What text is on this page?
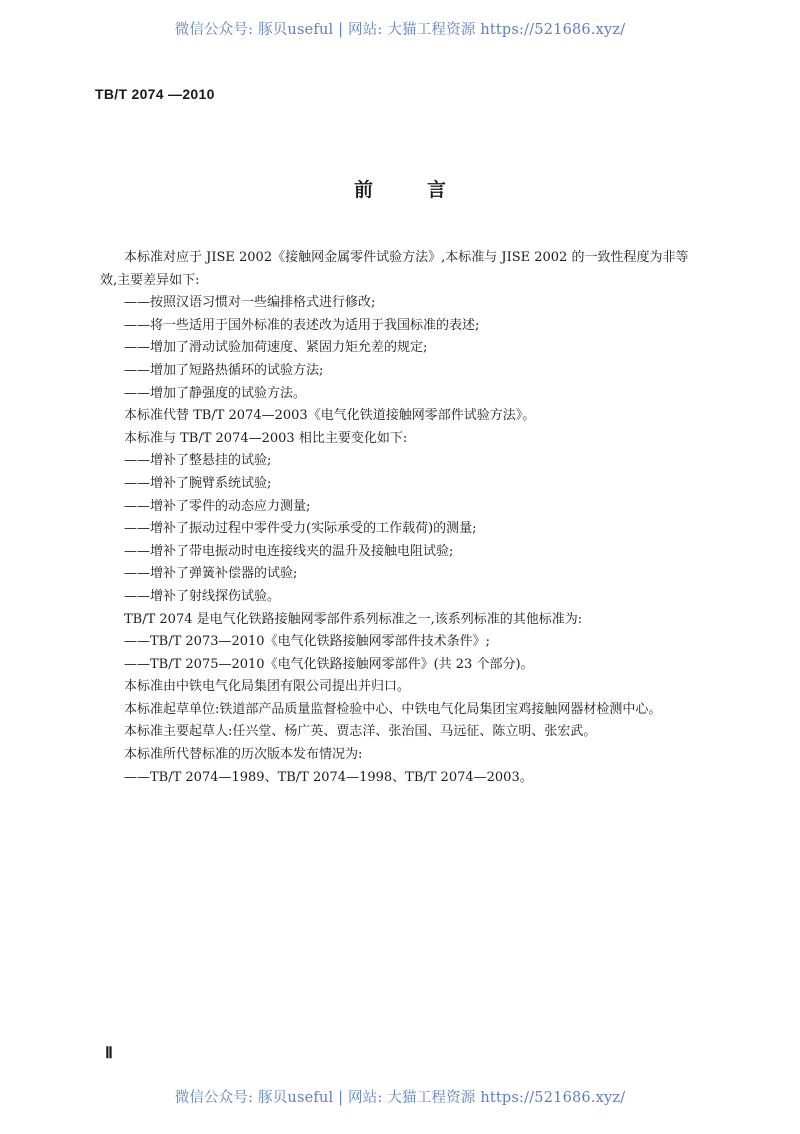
微信公众号: 豚贝useful | 网站: 大猫工程资源 https://521686.xyz/
TB/T 2074 —2010
前	言
本标准对应于 JISE 2002《接触网金属零件试验方法》,本标准与 JISE 2002 的一致性程度为非等
效,主要差异如下:
——按照汉语习惯对一些编排格式进行修改;
——将一些适用于国外标准的表述改为适用于我国标准的表述;
——增加了滑动试验加荷速度、紧固力矩允差的规定;
——增加了短路热循环的试验方法;
——增加了静强度的试验方法。
本标准代替 TB/T 2074—2003《电气化铁道接触网零部件试验方法》。
本标准与 TB/T 2074—2003 相比主要变化如下:
——增补了整悬挂的试验;
——增补了腕臂系统试验;
——增补了零件的动态应力测量;
——增补了振动过程中零件受力(实际承受的工作载荷)的测量;
——增补了带电振动时电连接线夹的温升及接触电阻试验;
——增补了弹簧补偿器的试验;
——增补了射线探伤试验。
TB/T 2074 是电气化铁路接触网零部件系列标准之一,该系列标准的其他标准为:
——TB/T 2073—2010《电气化铁路接触网零部件技术条件》;
——TB/T 2075—2010《电气化铁路接触网零部件》(共 23 个部分)。
本标准由中铁电气化局集团有限公司提出并归口。
本标准起草单位:铁道部产品质量监督检验中心、中铁电气化局集团宝鸡接触网器材检测中心。
本标准主要起草人:任兴堂、杨广英、贾志洋、张治国、马远征、陈立明、张宏武。
本标准所代替标准的历次版本发布情况为:
——TB/T 2074—1989、TB/T 2074—1998、TB/T 2074—2003。
Ⅱ
微信公众号: 豚贝useful | 网站: 大猫工程资源 https://521686.xyz/
